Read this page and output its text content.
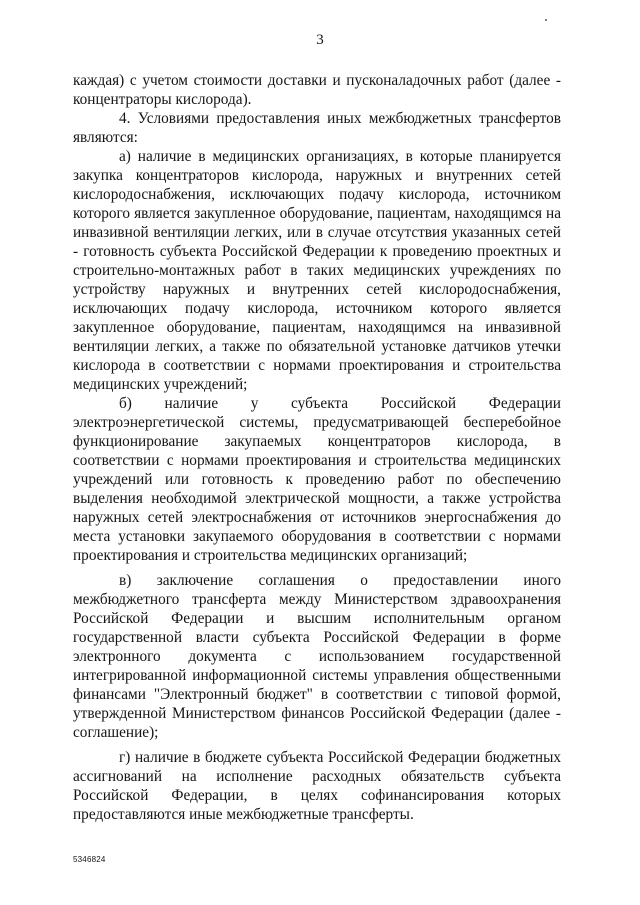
3

каждая) с учетом стоимости доставки и пусконаладочных работ (далее - концентраторы кислорода).

4. Условиями предоставления иных межбюджетных трансфертов являются:

а) наличие в медицинских организациях, в которые планируется закупка концентраторов кислорода, наружных и внутренних сетей кислородоснабжения, исключающих подачу кислорода, источником которого является закупленное оборудование, пациентам, находящимся на инвазивной вентиляции легких, или в случае отсутствия указанных сетей - готовность субъекта Российской Федерации к проведению проектных и строительно-монтажных работ в таких медицинских учреждениях по устройству наружных и внутренних сетей кислородоснабжения, исключающих подачу кислорода, источником которого является закупленное оборудование, пациентам, находящимся на инвазивной вентиляции легких, а также по обязательной установке датчиков утечки кислорода в соответствии с нормами проектирования и строительства медицинских учреждений;

б) наличие у субъекта Российской Федерации электроэнергетической системы, предусматривающей бесперебойное функционирование закупаемых концентраторов кислорода, в соответствии с нормами проектирования и строительства медицинских учреждений или готовность к проведению работ по обеспечению выделения необходимой электрической мощности, а также устройства наружных сетей электроснабжения от источников энергоснабжения до места установки закупаемого оборудования в соответствии с нормами проектирования и строительства медицинских организаций;

в) заключение соглашения о предоставлении иного межбюджетного трансферта между Министерством здравоохранения Российской Федерации и высшим исполнительным органом государственной власти субъекта Российской Федерации в форме электронного документа с использованием государственной интегрированной информационной системы управления общественными финансами "Электронный бюджет" в соответствии с типовой формой, утвержденной Министерством финансов Российской Федерации (далее - соглашение);

г) наличие в бюджете субъекта Российской Федерации бюджетных ассигнований на исполнение расходных обязательств субъекта Российской Федерации, в целях софинансирования которых предоставляются иные межбюджетные трансферты.

5346824
